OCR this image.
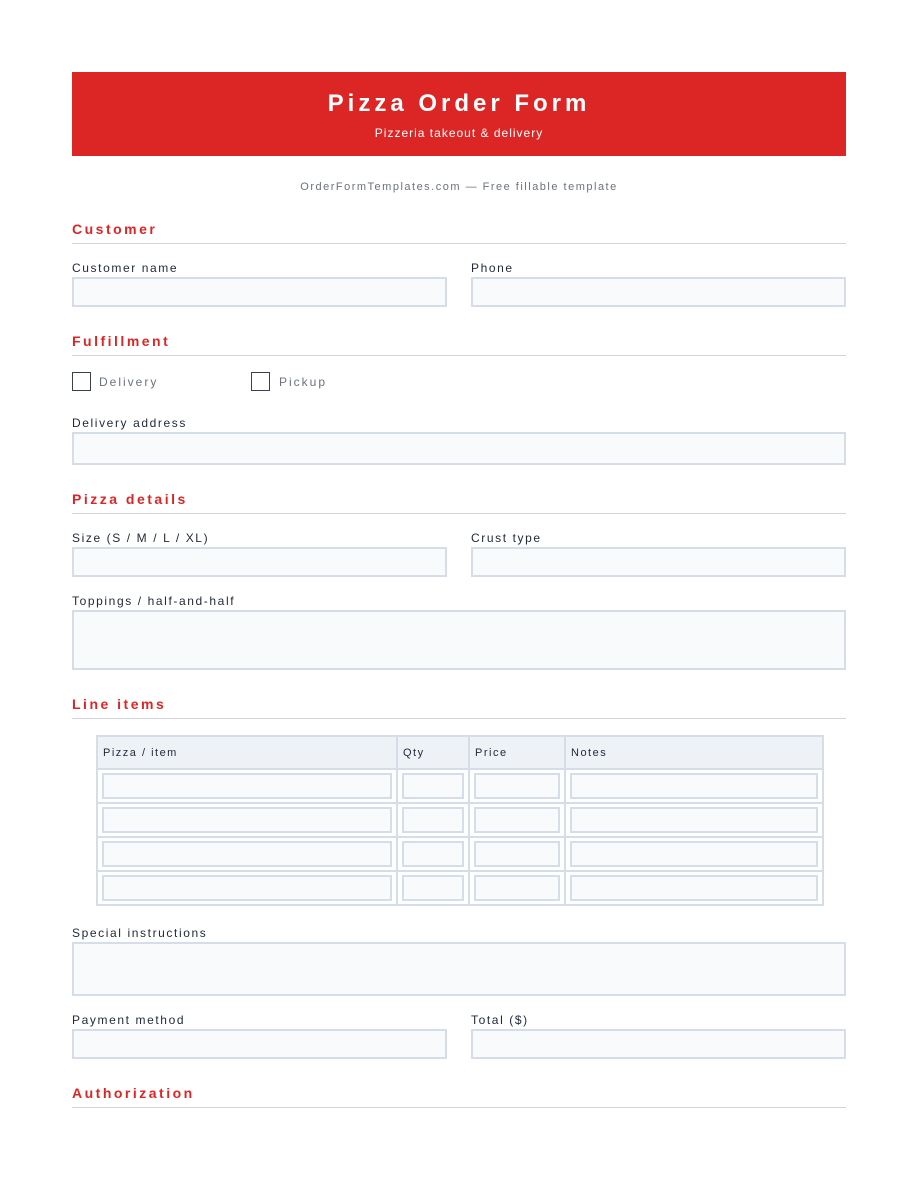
Pizza Order Form
Pizzeria takeout & delivery
OrderFormTemplates.com — Free fillable template
Customer
Customer name	Phone
Fulfillment
Delivery	Pickup
Delivery address
Pizza details
Size (S / M / L / XL)	Crust type
Toppings / half-and-half
Line items
Pizza / item	Qty	Price	Notes

Special instructions
Payment method	Total ($)
Authorization
